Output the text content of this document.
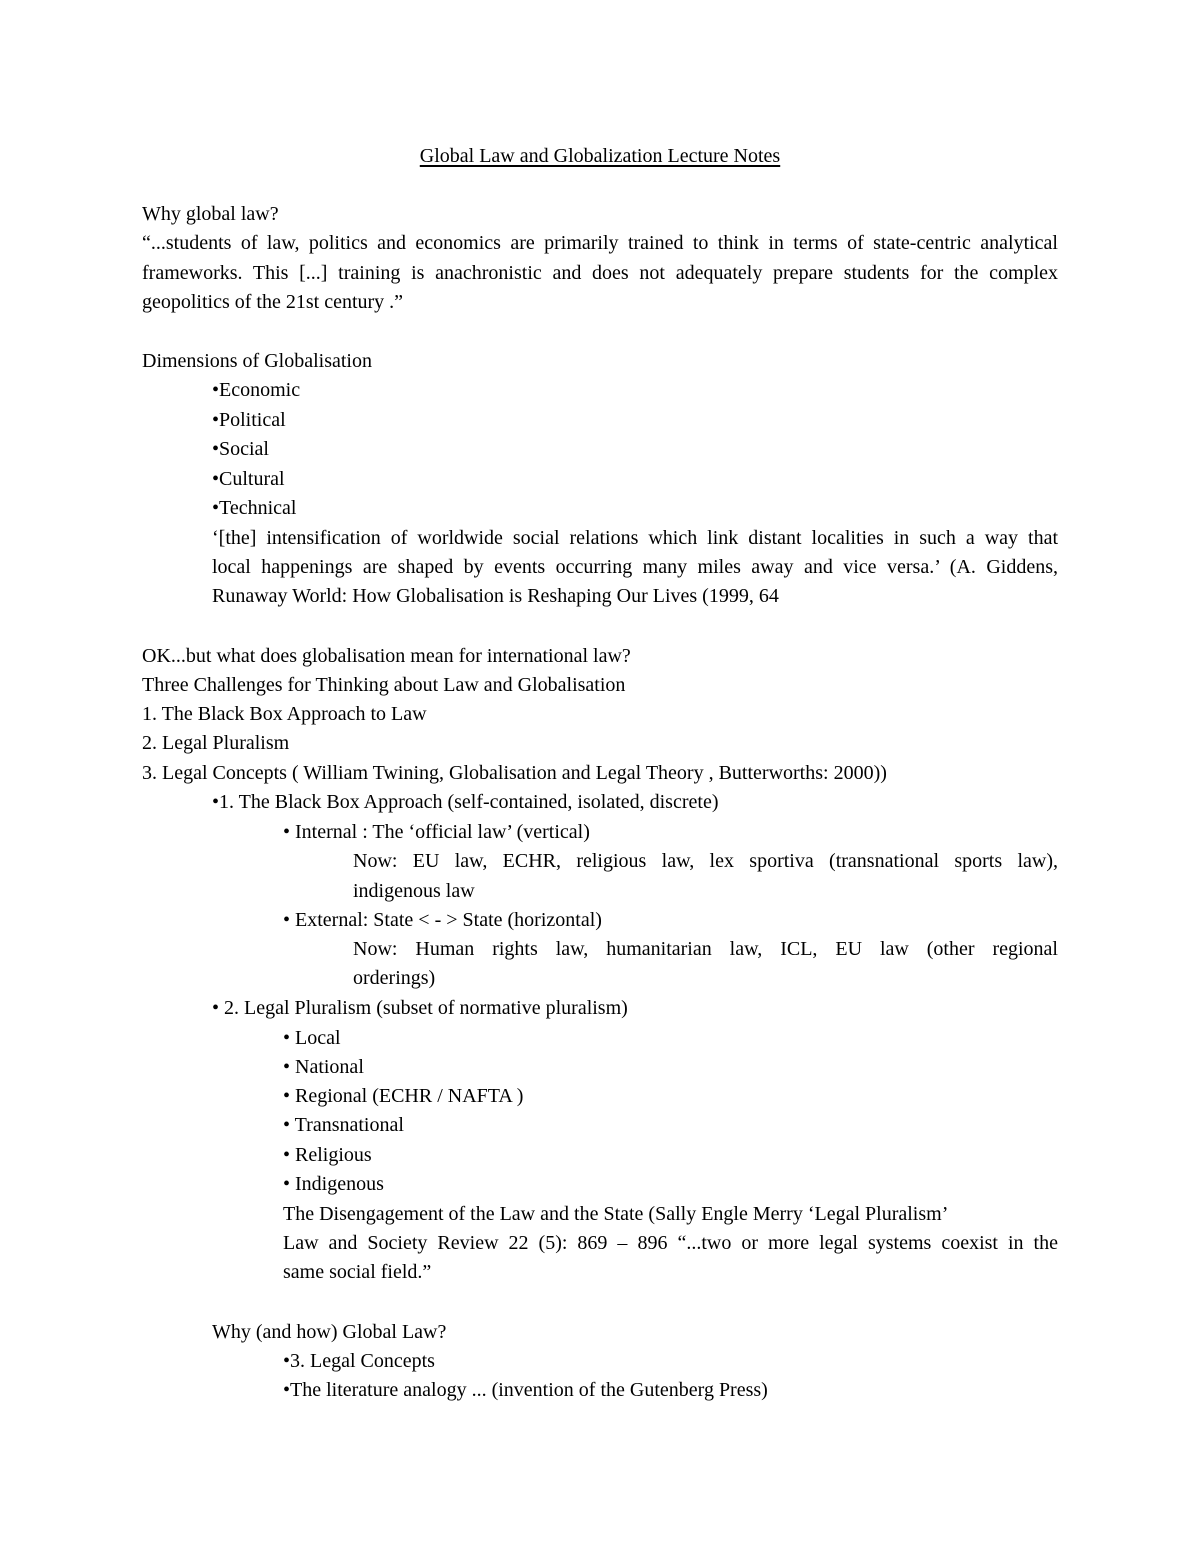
Global Law and Globalization Lecture Notes
Why global law?
“...students of law, politics and economics are primarily trained to think in terms of state-centric analytical
frameworks. This [...] training is anachronistic and does not adequately prepare students for the complex
geopolitics of the 21st century .”
Dimensions of Globalisation
•Economic
•Political
•Social
•Cultural
•Technical
‘[the] intensification of worldwide social relations which link distant localities in such a way that
local happenings are shaped by events occurring many miles away and vice versa.’ (A. Giddens,
Runaway World: How Globalisation is Reshaping Our Lives (1999, 64
OK...but what does globalisation mean for international law?
Three Challenges for Thinking about Law and Globalisation
1. The Black Box Approach to Law
2. Legal Pluralism
3. Legal Concepts ( William Twining, Globalisation and Legal Theory , Butterworths: 2000))
•1. The Black Box Approach (self-contained, isolated, discrete)
• Internal : The ‘official law’ (vertical)
Now: EU law, ECHR, religious law, lex sportiva (transnational sports law),
indigenous law
• External: State < - > State (horizontal)
Now: Human rights law, humanitarian law, ICL, EU law (other regional
orderings)
• 2. Legal Pluralism (subset of normative pluralism)
• Local
• National
• Regional (ECHR / NAFTA )
• Transnational
• Religious
• Indigenous
The Disengagement of the Law and the State (Sally Engle Merry ‘Legal Pluralism’
Law and Society Review 22 (5): 869 – 896 “...two or more legal systems coexist in the
same social field.”
Why (and how) Global Law?
•3. Legal Concepts
•The literature analogy ... (invention of the Gutenberg Press)
